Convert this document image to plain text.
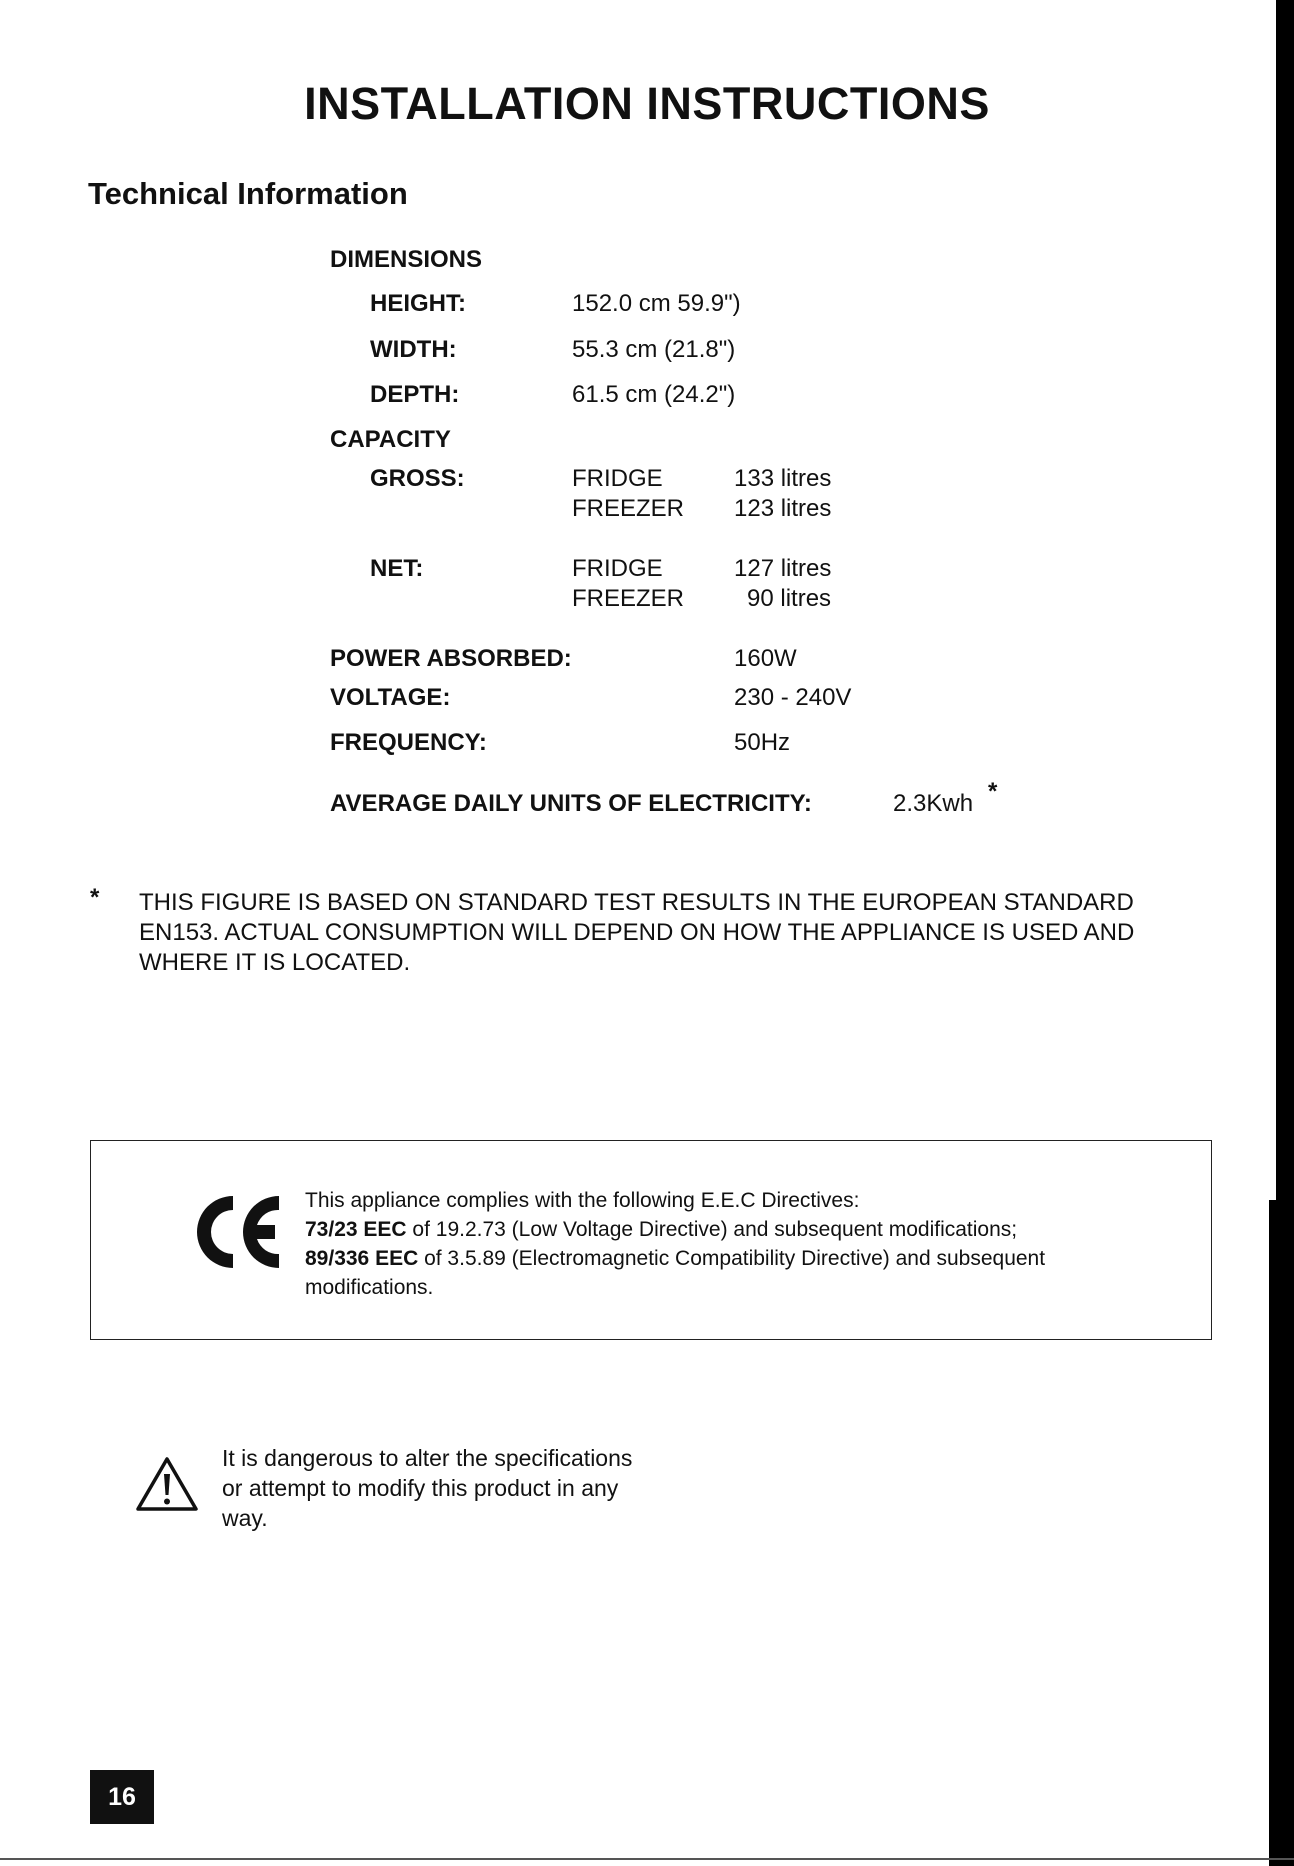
INSTALLATION INSTRUCTIONS
Technical Information
DIMENSIONS
HEIGHT:	152.0 cm 59.9")
WIDTH:	55.3 cm (21.8")
DEPTH:	61.5 cm (24.2")
CAPACITY
GROSS:	FRIDGE	133 litres
FREEZER 123 litres
NET:	FRIDGE	127 litres
FREEZER	90 litres
POWER ABSORBED:	160W
VOLTAGE:	230 - 240V
FREQUENCY:	50Hz
AVERAGE DAILY UNITS OF ELECTRICITY:	2.3Kwh *
* THIS FIGURE IS BASED ON STANDARD TEST RESULTS IN THE EUROPEAN STANDARD EN153. ACTUAL CONSUMPTION WILL DEPEND ON HOW THE APPLIANCE IS USED AND WHERE IT IS LOCATED.
This appliance complies with the following E.E.C Directives:
73/23 EEC of 19.2.73 (Low Voltage Directive) and subsequent modifications;
89/336 EEC of 3.5.89 (Electromagnetic Compatibility Directive) and subsequent
modifications.
It is dangerous to alter the specifications
or attempt to modify this product in any
way.
16
